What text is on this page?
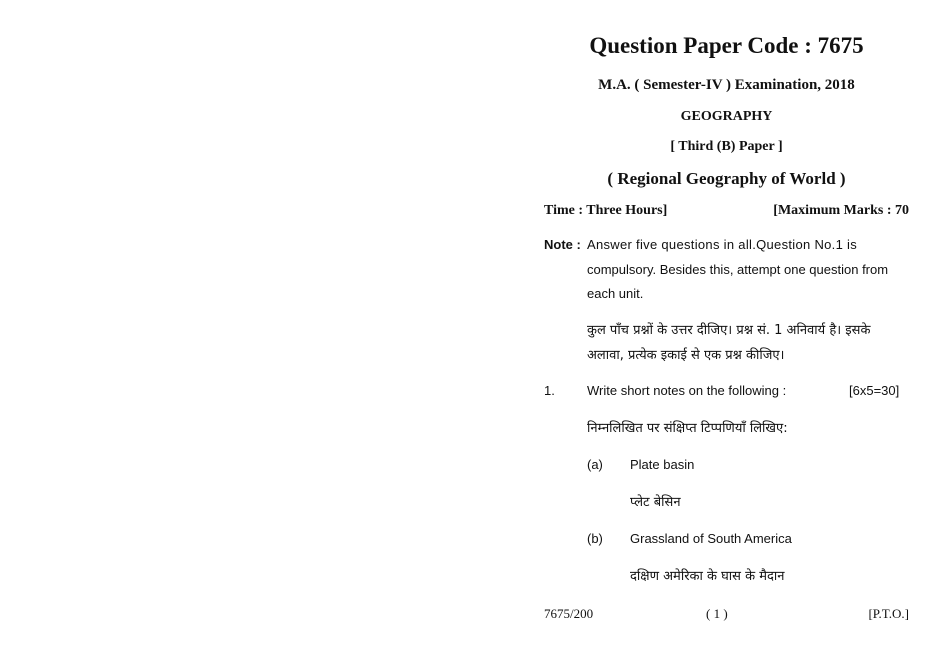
Question Paper Code : 7675
M.A. ( Semester-IV ) Examination, 2018
GEOGRAPHY
[ Third (B) Paper ]
( Regional Geography of World )
Time : Three Hours]	[Maximum Marks : 70
Note : Answer five questions in all.Question No.1 is
compulsory. Besides this, attempt one question from
each unit.
कुल पाँच प्रश्नों के उत्तर दीजिए। प्रश्न सं. 1 अनिवार्य है। इसके
अलावा, प्रत्येक इकाई से एक प्रश्न कीजिए।
1. Write short notes on the following :	[6x5=30]
निम्नलिखित पर संक्षिप्त टिप्पणियाँ लिखिए:
(a) Plate basin
प्लेट बेसिन
(b) Grassland of South America
दक्षिण अमेरिका के घास के मैदान
7675/200	( 1 )	[P.T.O.]
